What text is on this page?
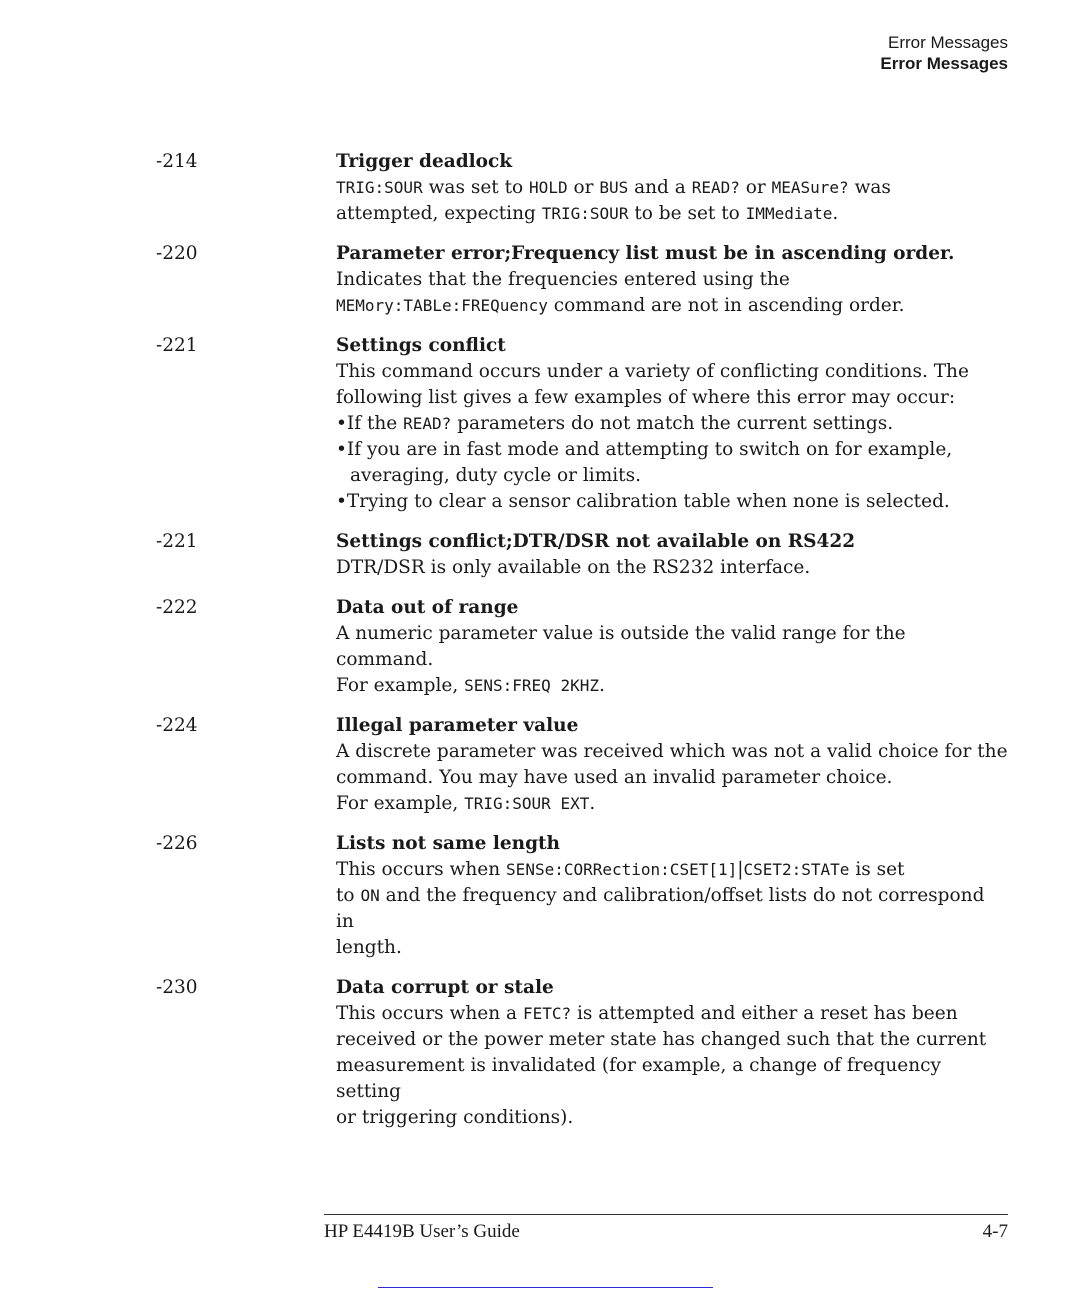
Error Messages
Error Messages
-214	Trigger deadlock

TRIG:SOUR was set to HOLD or BUS and a READ? or MEASure? was

attempted, expecting TRIG:SOUR to be set to IMMediate.

-220	Parameter error;Frequency list must be in ascending order.

Indicates that the frequencies entered using the

MEMory:TABLe:FREQuency command are not in ascending order.

-221	Settings conflict

This command occurs under a variety of conflicting conditions. The

following list gives a few examples of where this error may occur:

•If the READ? parameters do not match the current settings.

•If you are in fast mode and attempting to switch on for example, averaging, duty cycle or limits.

•Trying to clear a sensor calibration table when none is selected.

-221	Settings conflict;DTR/DSR not available on RS422

DTR/DSR is only available on the RS232 interface.

-222	Data out of range

A numeric parameter value is outside the valid range for the command.

For example, SENS:FREQ 2KHZ.

-224	Illegal parameter value

A discrete parameter was received which was not a valid choice for the

command. You may have used an invalid parameter choice.

For example, TRIG:SOUR EXT.

-226	Lists not same length

This occurs when SENSe:CORRection:CSET[1]|CSET2:STATe is set

to ON and the frequency and calibration/offset lists do not correspond in

length.

-230	Data corrupt or stale

This occurs when a FETC? is attempted and either a reset has been

received or the power meter state has changed such that the current

measurement is invalidated (for example, a change of frequency setting

or triggering conditions).

HP E4419B User’s Guide	4-7
